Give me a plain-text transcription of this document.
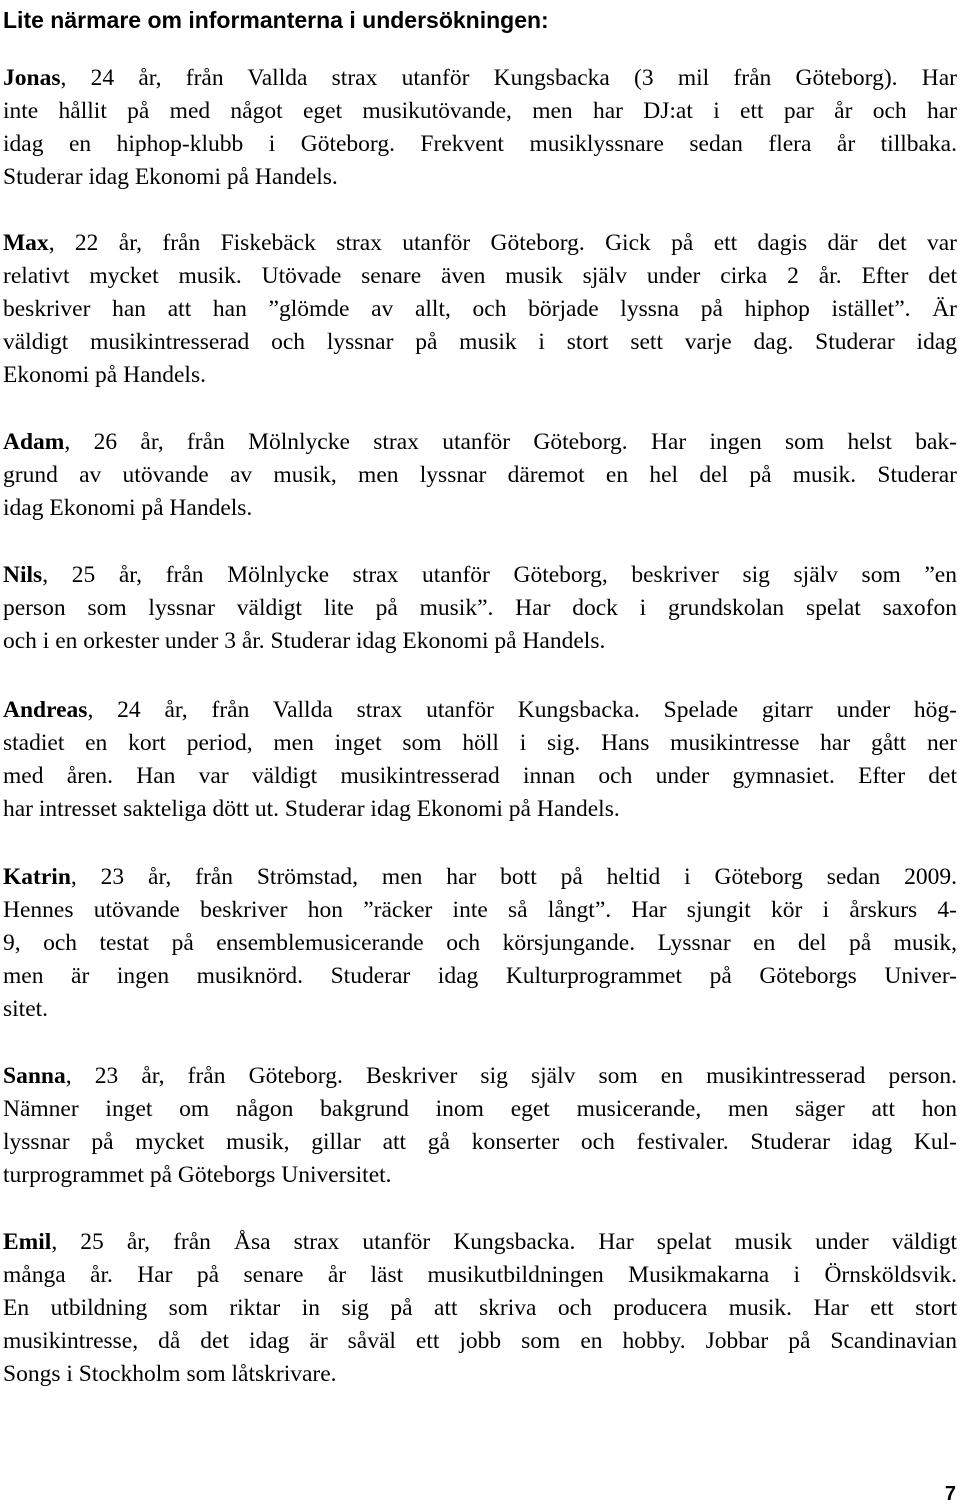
Lite närmare om informanterna i undersökningen:

Jonas, 24 år, från Vallda strax utanför Kungsbacka (3 mil från Göteborg). Har
inte hållit på med något eget musikutövande, men har DJ:at i ett par år och har
idag en hiphop-klubb i Göteborg. Frekvent musiklyssnare sedan flera år tillbaka.
Studerar idag Ekonomi på Handels.

Max, 22 år, från Fiskebäck strax utanför Göteborg. Gick på ett dagis där det var
relativt mycket musik. Utövade senare även musik själv under cirka 2 år. Efter det
beskriver han att han ”glömde av allt, och började lyssna på hiphop istället”. Är
väldigt musikintresserad och lyssnar på musik i stort sett varje dag. Studerar idag
Ekonomi på Handels.

Adam, 26 år, från Mölnlycke strax utanför Göteborg. Har ingen som helst bak-
grund av utövande av musik, men lyssnar däremot en hel del på musik. Studerar
idag Ekonomi på Handels.

Nils, 25 år, från Mölnlycke strax utanför Göteborg, beskriver sig själv som ”en
person som lyssnar väldigt lite på musik”. Har dock i grundskolan spelat saxofon
och i en orkester under 3 år. Studerar idag Ekonomi på Handels.

Andreas, 24 år, från Vallda strax utanför Kungsbacka. Spelade gitarr under hög-
stadiet en kort period, men inget som höll i sig. Hans musikintresse har gått ner
med åren. Han var väldigt musikintresserad innan och under gymnasiet. Efter det
har intresset sakteliga dött ut. Studerar idag Ekonomi på Handels.

Katrin, 23 år, från Strömstad, men har bott på heltid i Göteborg sedan 2009.
Hennes utövande beskriver hon ”räcker inte så långt”. Har sjungit kör i årskurs 4-
9, och testat på ensemblemusicerande och körsjungande. Lyssnar en del på musik,
men är ingen musiknörd. Studerar idag Kulturprogrammet på Göteborgs Univer-
sitet.

Sanna, 23 år, från Göteborg. Beskriver sig själv som en musikintresserad person.
Nämner inget om någon bakgrund inom eget musicerande, men säger att hon
lyssnar på mycket musik, gillar att gå konserter och festivaler. Studerar idag Kul-
turprogrammet på Göteborgs Universitet.

Emil, 25 år, från Åsa strax utanför Kungsbacka. Har spelat musik under väldigt
många år. Har på senare år läst musikutbildningen Musikmakarna i Örnsköldsvik.
En utbildning som riktar in sig på att skriva och producera musik. Har ett stort
musikintresse, då det idag är såväl ett jobb som en hobby. Jobbar på Scandinavian
Songs i Stockholm som låtskrivare.

7
